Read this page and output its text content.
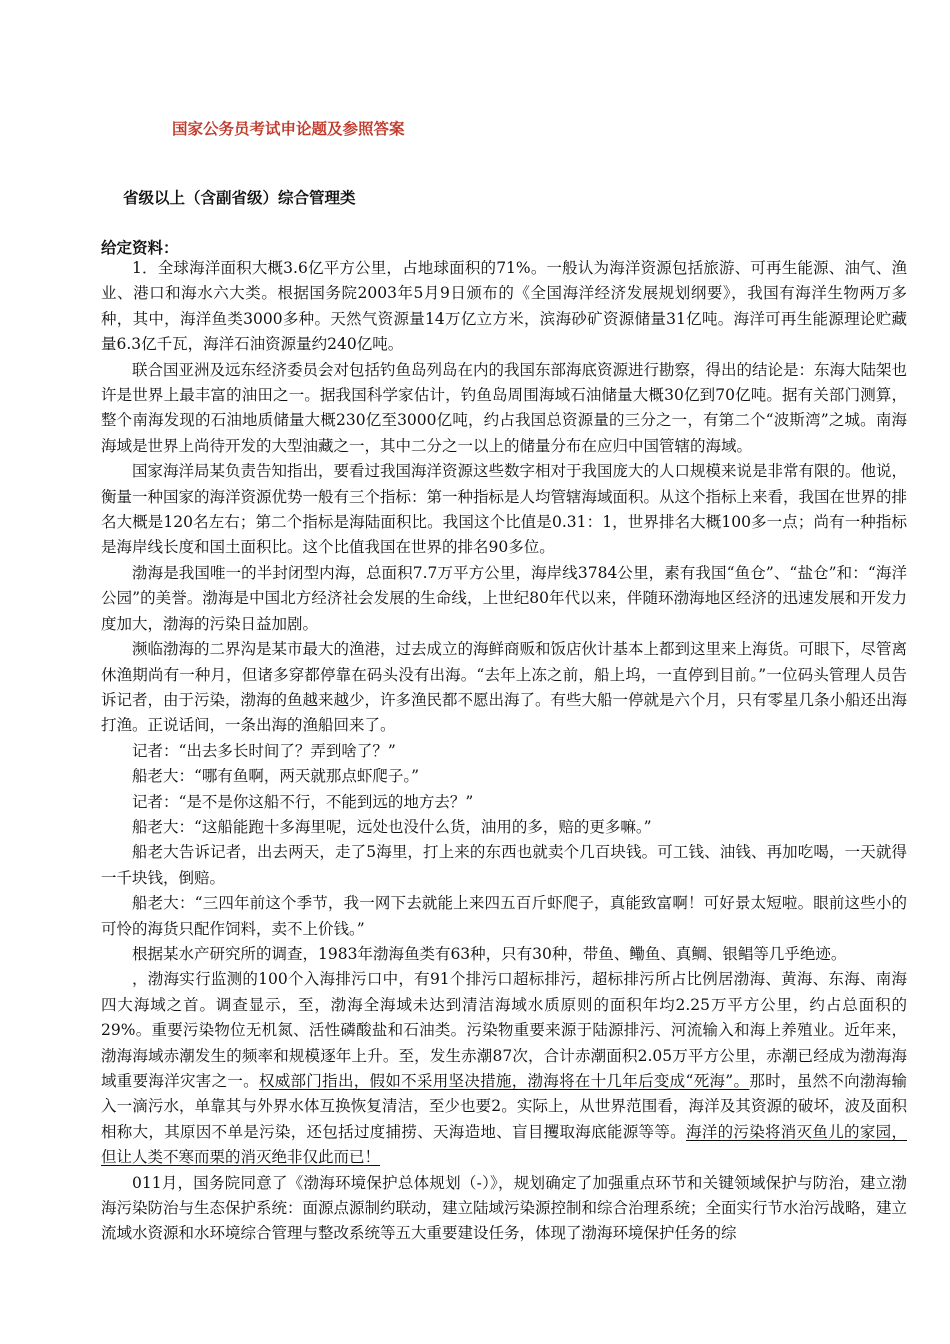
国家公务员考试申论题及参照答案
省级以上（含副省级）综合管理类
给定资料：

1．全球海洋面积大概3.6亿平方公里，占地球面积的71%。一般认为海洋资源包括旅游、可再生能源、油气、渔业、港口和海水六大类。根据国务院2003年5月9日颁布的《全国海洋经济发展规划纲要》，我国有海洋生物两万多种，其中，海洋鱼类3000多种。天然气资源量14万亿立方米，滨海砂矿资源储量31亿吨。海洋可再生能源理论贮藏量6.3亿千瓦，海洋石油资源量约240亿吨。

联合国亚洲及远东经济委员会对包括钓鱼岛列岛在内的我国东部海底资源进行勘察，得出的结论是：东海大陆架也许是世界上最丰富的油田之一。据我国科学家估计，钓鱼岛周围海域石油储量大概30亿到70亿吨。据有关部门测算，整个南海发现的石油地质储量大概230亿至3000亿吨，约占我国总资源量的三分之一，有第二个“波斯湾”之城。南海海域是世界上尚待开发的大型油藏之一，其中二分之一以上的储量分布在应归中国管辖的海域。

国家海洋局某负责告知指出，要看过我国海洋资源这些数字相对于我国庞大的人口规模来说是非常有限的。他说，衡量一种国家的海洋资源优势一般有三个指标：第一种指标是人均管辖海域面积。从这个指标上来看，我国在世界的排名大概是120名左右；第二个指标是海陆面积比。我国这个比值是0.31：1，世界排名大概100多一点；尚有一种指标是海岸线长度和国土面积比。这个比值我国在世界的排名90多位。

渤海是我国唯一的半封闭型内海，总面积7.7万平方公里，海岸线3784公里，素有我国“鱼仓”、“盐仓”和：“海洋公园”的美誉。渤海是中国北方经济社会发展的生命线，上世纪80年代以来，伴随环渤海地区经济的迅速发展和开发力度加大，渤海的污染日益加剧。

濒临渤海的二界沟是某市最大的渔港，过去成立的海鲜商贩和饭店伙计基本上都到这里来上海货。可眼下，尽管离休渔期尚有一种月，但诸多穿都停靠在码头没有出海。“去年上冻之前，船上坞，一直停到目前。”一位码头管理人员告诉记者，由于污染，渤海的鱼越来越少，许多渔民都不愿出海了。有些大船一停就是六个月，只有零星几条小船还出海打渔。正说话间，一条出海的渔船回来了。

记者：“出去多长时间了？弄到啥了？”

船老大：“哪有鱼啊，两天就那点虾爬子。”

记者：“是不是你这船不行，不能到远的地方去？”

船老大：“这船能跑十多海里呢，远处也没什么货，油用的多，赔的更多嘛。”

船老大告诉记者，出去两天，走了5海里，打上来的东西也就卖个几百块钱。可工钱、油钱、再加吃喝，一天就得一千块钱，倒赔。

船老大：“三四年前这个季节，我一网下去就能上来四五百斤虾爬子，真能致富啊！可好景太短啦。眼前这些小的可怜的海货只配作饲料，卖不上价钱。”

根据某水产研究所的调查，1983年渤海鱼类有63种，只有30种，带鱼、鳓鱼、真鲷、银鲳等几乎绝迹。

，渤海实行监测的100个入海排污口中，有91个排污口超标排污，超标排污所占比例居渤海、黄海、东海、南海四大海域之首。调查显示，至，渤海全海域未达到清洁海域水质原则的面积年均2.25万平方公里，约占总面积的29%。重要污染物位无机氮、活性磷酸盐和石油类。污染物重要来源于陆源排污、河流输入和海上养殖业。近年来，渤海海域赤潮发生的频率和规模逐年上升。至，发生赤潮87次，合计赤潮面积2.05万平方公里，赤潮已经成为渤海海域重要海洋灾害之一。权威部门指出，假如不采用坚决措施，渤海将在十几年后变成“死海”。那时，虽然不向渤海输入一滴污水，单靠其与外界水体互换恢复清洁，至少也要2。实际上，从世界范围看，海洋及其资源的破坏，波及面积相称大，其原因不单是污染，还包括过度捕捞、天海造地、盲目攫取海底能源等等。海洋的污染将消灭鱼儿的家园，但让人类不寒而栗的消灭绝非仅此而已！

011月，国务院同意了《渤海环境保护总体规划（-）》，规划确定了加强重点环节和关键领域保护与防治，建立渤海污染防治与生态保护系统：面源点源制约联动，建立陆域污染源控制和综合治理系统；全面实行节水治污战略，建立流域水资源和水环境综合管理与整改系统等五大重要建设任务，体现了渤海环境保护任务的综
